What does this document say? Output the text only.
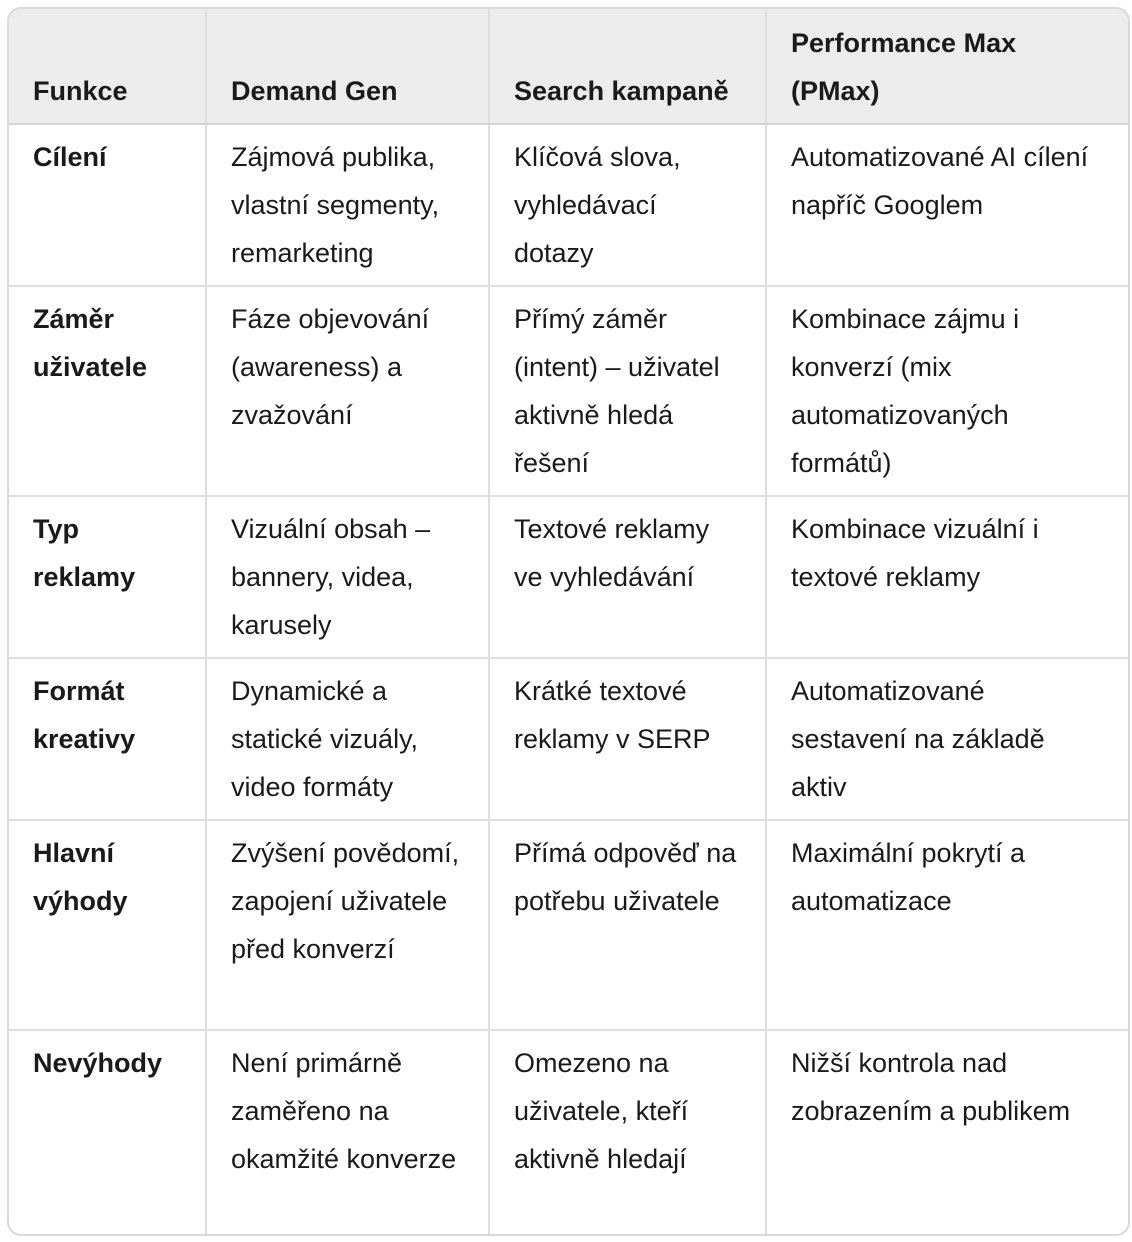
Funkce	Demand Gen	Search kampaně	Performance Max (PMax)
Cílení	Zájmová publika, vlastní segmenty, remarketing	Klíčová slova, vyhledávací dotazy	Automatizované AI cílení napříč Googlem
Záměr uživatele	Fáze objevování (awareness) a zvažování	Přímý záměr (intent) – uživatel aktivně hledá řešení	Kombinace zájmu i konverzí (mix automatizovaných formátů)
Typ reklamy	Vizuální obsah – bannery, videa, karusely	Textové reklamy ve vyhledávání	Kombinace vizuální i textové reklamy
Formát kreativy	Dynamické a statické vizuály, video formáty	Krátké textové reklamy v SERP	Automatizované sestavení na základě aktiv
Hlavní výhody	Zvýšení povědomí, zapojení uživatele před konverzí	Přímá odpověď na potřebu uživatele	Maximální pokrytí a automatizace
Nevýhody	Není primárně zaměřeno na okamžité konverze	Omezeno na uživatele, kteří aktivně hledají	Nižší kontrola nad zobrazením a publikem
